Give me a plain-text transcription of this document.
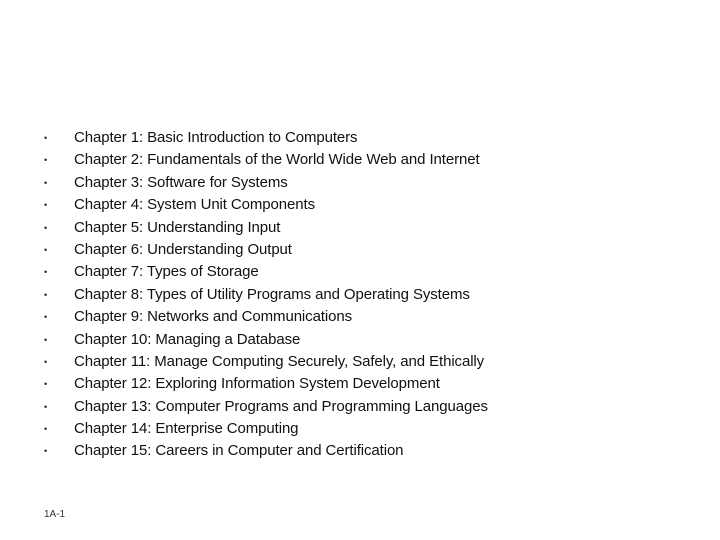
•	Chapter 1: Basic Introduction to Computers
•	Chapter 2: Fundamentals of the World Wide Web and Internet
•	Chapter 3: Software for Systems
•	Chapter 4: System Unit Components
•	Chapter 5: Understanding Input
•	Chapter 6: Understanding Output
•	Chapter 7: Types of Storage
•	Chapter 8: Types of Utility Programs and Operating Systems
•	Chapter 9: Networks and Communications
•	Chapter 10: Managing a Database
•	Chapter 11: Manage Computing Securely, Safely, and Ethically
•	Chapter 12: Exploring Information System Development
•	Chapter 13: Computer Programs and Programming Languages
•	Chapter 14: Enterprise Computing
•	Chapter 15: Careers in Computer and Certification
1A-1
